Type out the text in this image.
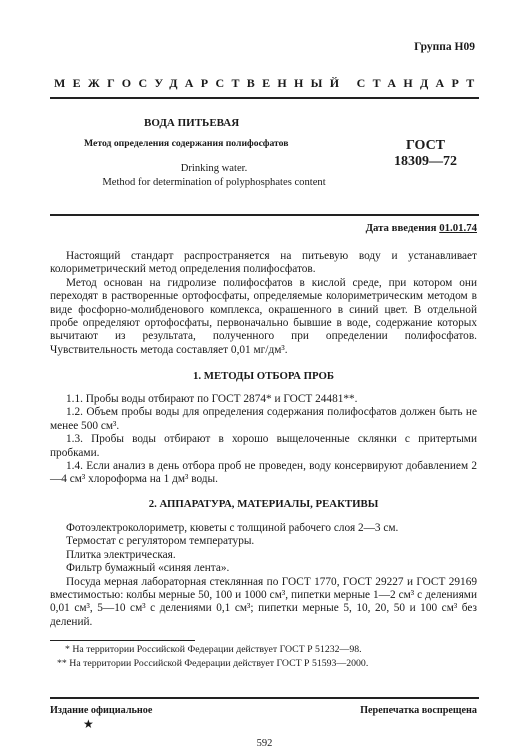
Группа Н09
МЕЖГОСУДАРСТВЕННЫЙ СТАНДАРТ
ВОДА ПИТЬЕВАЯ
Метод определения содержания полифосфатов	ГОСТ
18309—72
Drinking water.
Method for determination of polyphosphates content
Дата введения 01.01.74

Настоящий стандарт распространяется на питьевую воду и устанавливает колориметрический метод определения полифосфатов.

Метод основан на гидролизе полифосфатов в кислой среде, при котором они переходят в растворенные ортофосфаты, определяемые колориметрическим методом в виде фосфорно-молибденового комплекса, окрашенного в синий цвет. В отдельной пробе определяют ортофосфаты, первоначально бывшие в воде, содержание которых вычитают из результата, полученного при определении полифосфатов. Чувствительность метода составляет 0,01 мг/дм³.

1. МЕТОДЫ ОТБОРА ПРОБ

1.1. Пробы воды отбирают по ГОСТ 2874* и ГОСТ 24481**.

1.2. Объем пробы воды для определения содержания полифосфатов должен быть не менее 500 см³.

1.3. Пробы воды отбирают в хорошо выщелоченные склянки с притертыми пробками.

1.4. Если анализ в день отбора проб не проведен, воду консервируют добавлением 2—4 см³ хлороформа на 1 дм³ воды.

2. АППАРАТУРА, МАТЕРИАЛЫ, РЕАКТИВЫ

Фотоэлектроколориметр, кюветы с толщиной рабочего слоя 2—3 см.

Термостат с регулятором температуры.

Плитка электрическая.

Фильтр бумажный «синяя лента».

Посуда мерная лабораторная стеклянная по ГОСТ 1770, ГОСТ 29227 и ГОСТ 29169 вместимостью: колбы мерные 50, 100 и 1000 см³, пипетки мерные 1—2 см³ с делениями 0,01 см³, 5—10 см³ с делениями 0,1 см³; пипетки мерные 5, 10, 20, 50 и 100 см³ без делений.

* На территории Российской Федерации действует ГОСТ Р 51232—98.
** На территории Российской Федерации действует ГОСТ Р 51593—2000.
Издание официальное	Перепечатка воспрещена
★
592
